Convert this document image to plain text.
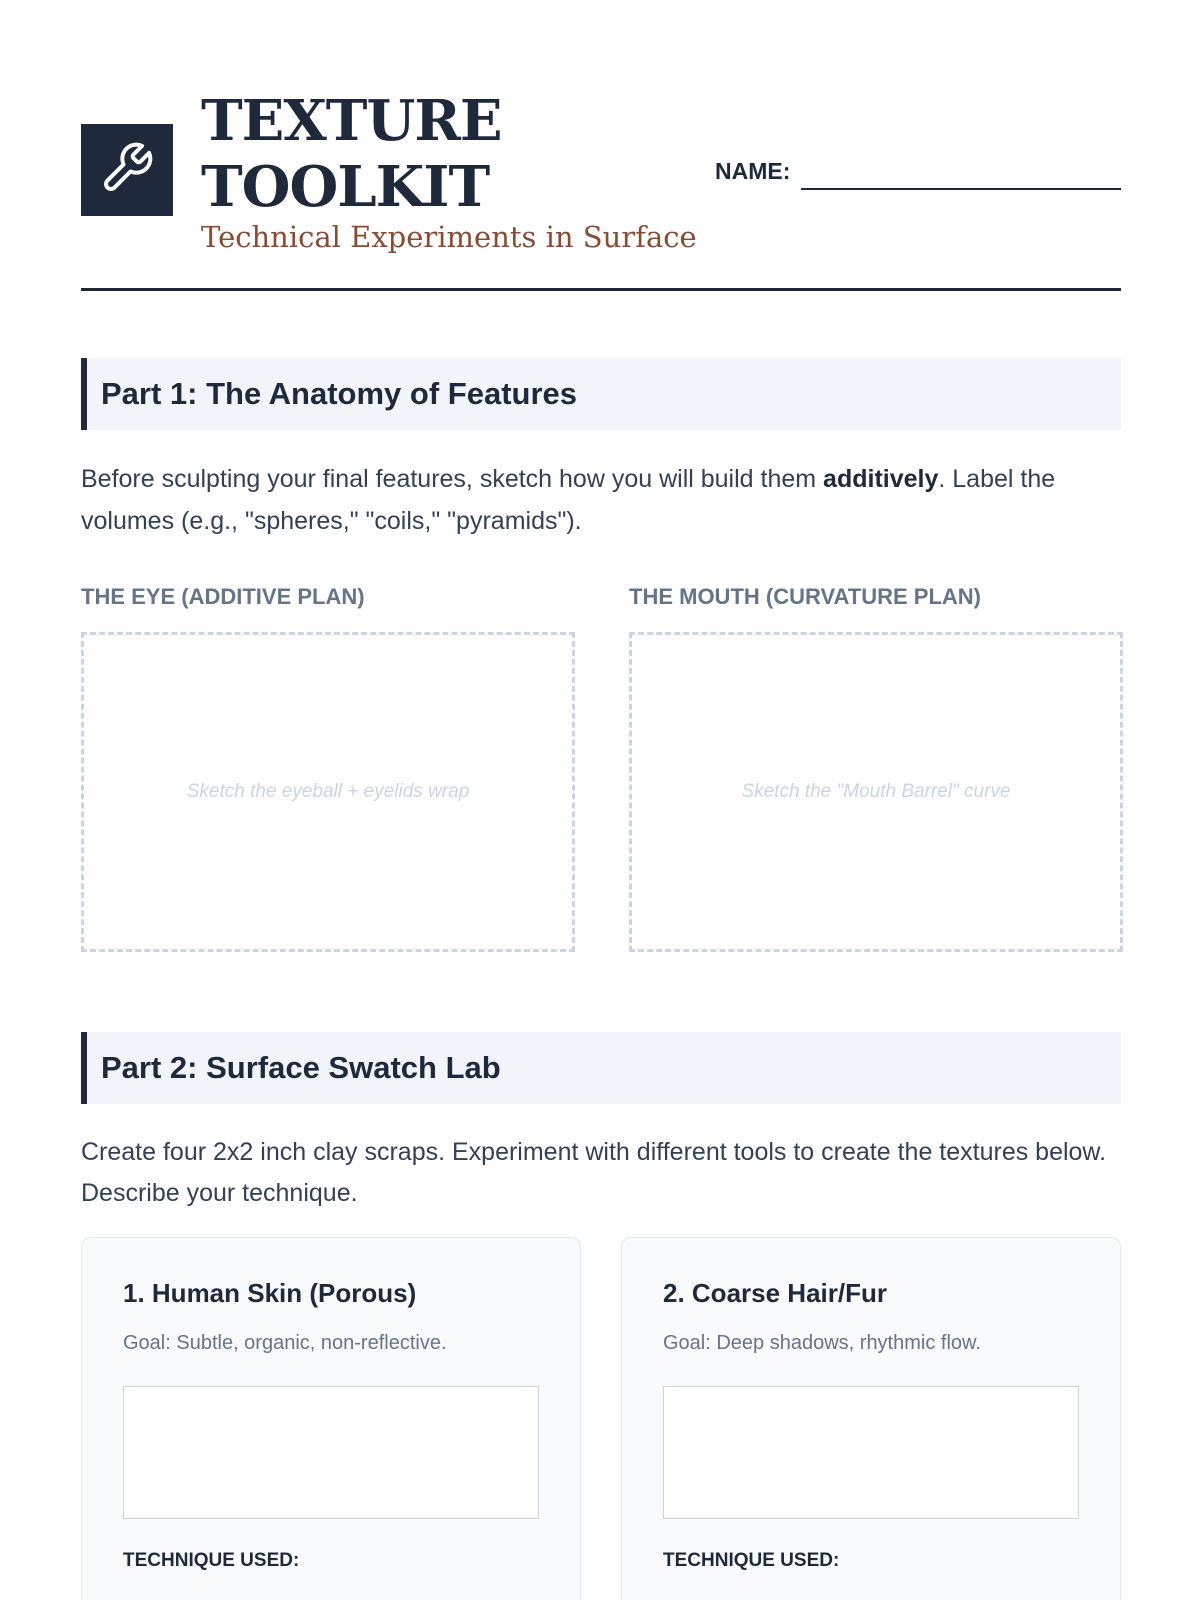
TEXTURE
TOOLKIT
Technical Experiments in Surface
NAME:
Part 1: The Anatomy of Features

Before sculpting your final features, sketch how you will build them additively. Label the volumes (e.g., "spheres," "coils," "pyramids").

THE EYE (ADDITIVE PLAN)

Sketch the eyeball + eyelids wrap

THE MOUTH (CURVATURE PLAN)

Sketch the "Mouth Barrel" curve
Part 2: Surface Swatch Lab

Create four 2x2 inch clay scraps. Experiment with different tools to create the textures below. Describe your technique.

1. Human Skin (Porous)

Goal: Subtle, organic, non-reflective.

TECHNIQUE USED:

2. Coarse Hair/Fur

Goal: Deep shadows, rhythmic flow.

TECHNIQUE USED:
